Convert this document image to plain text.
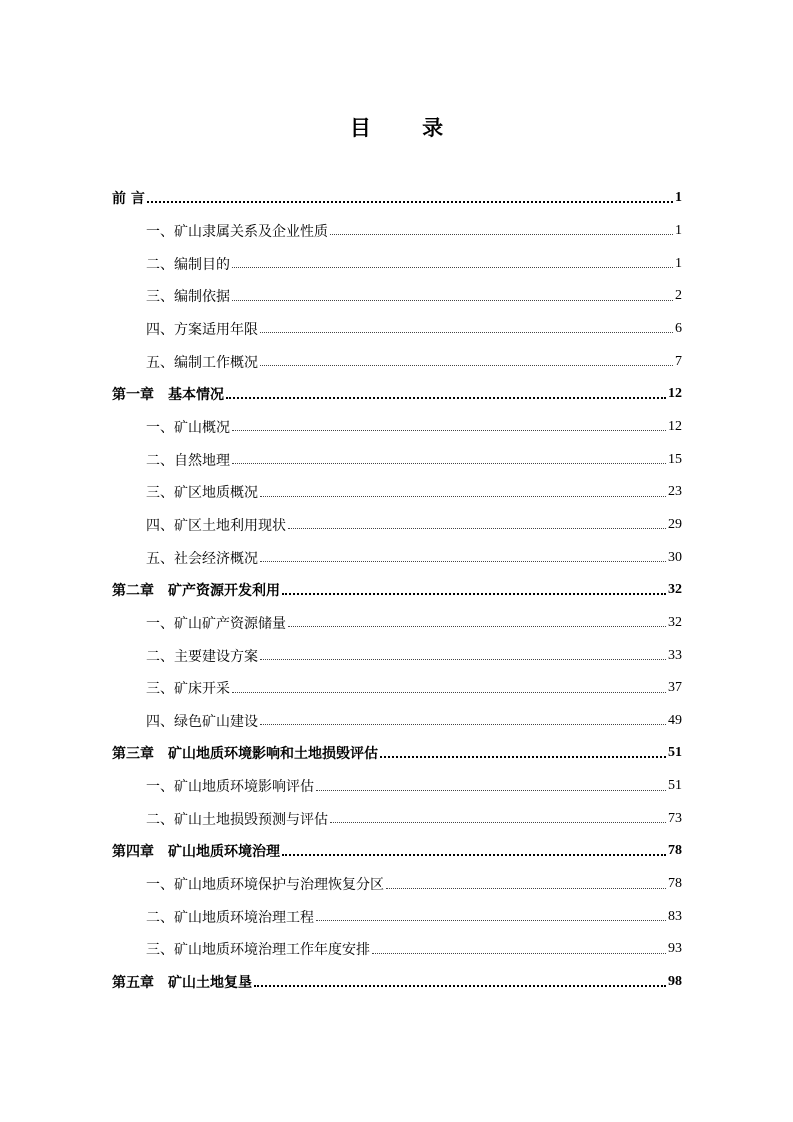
目 录
前 言	1
一、矿山隶属关系及企业性质	1
二、编制目的	1
三、编制依据	2
四、方案适用年限	6
五、编制工作概况	7
第一章　基本情况	12
一、矿山概况	12
二、自然地理	15
三、矿区地质概况	23
四、矿区土地利用现状	29
五、社会经济概况	30
第二章　矿产资源开发利用	32
一、矿山矿产资源储量	32
二、主要建设方案	33
三、矿床开采	37
四、绿色矿山建设	49
第三章　矿山地质环境影响和土地损毁评估	51
一、矿山地质环境影响评估	51
二、矿山土地损毁预测与评估	73
第四章　矿山地质环境治理	78
一、矿山地质环境保护与治理恢复分区	78
二、矿山地质环境治理工程	83
三、矿山地质环境治理工作年度安排	93
第五章　矿山土地复垦	98
